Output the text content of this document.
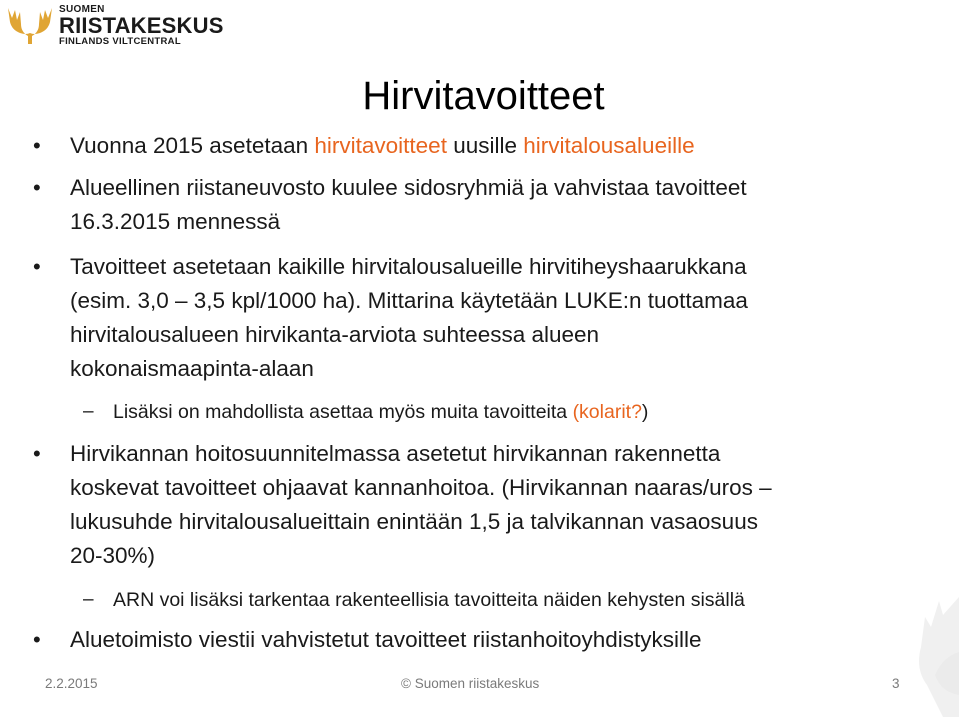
SUOMEN
RIISTAKESKUS
FINLANDS VILTCENTRAL
Hirvitavoitteet
• Vuonna 2015 asetetaan hirvitavoitteet uusille hirvitalousalueille
• Alueellinen riistaneuvosto kuulee sidosryhmiä ja vahvistaa tavoitteet
16.3.2015 mennessä
• Tavoitteet asetetaan kaikille hirvitalousalueille hirvitiheyshaarukkana
(esim. 3,0 – 3,5 kpl/1000 ha). Mittarina käytetään LUKE:n tuottamaa
hirvitalousalueen hirvikanta-arviota suhteessa alueen
kokonaismaapinta-alaan
– Lisäksi on mahdollista asettaa myös muita tavoitteita (kolarit?)
• Hirvikannan hoitosuunnitelmassa asetetut hirvikannan rakennetta
koskevat tavoitteet ohjaavat kannanhoitoa. (Hirvikannan naaras/uros –
lukusuhde hirvitalousalueittain enintään 1,5 ja talvikannan vasaosuus
20-30%)
– ARN voi lisäksi tarkentaa rakenteellisia tavoitteita näiden kehysten sisällä
• Aluetoimisto viestii vahvistetut tavoitteet riistanhoitoyhdistyksille
2.2.2015	© Suomen riistakeskus	3
